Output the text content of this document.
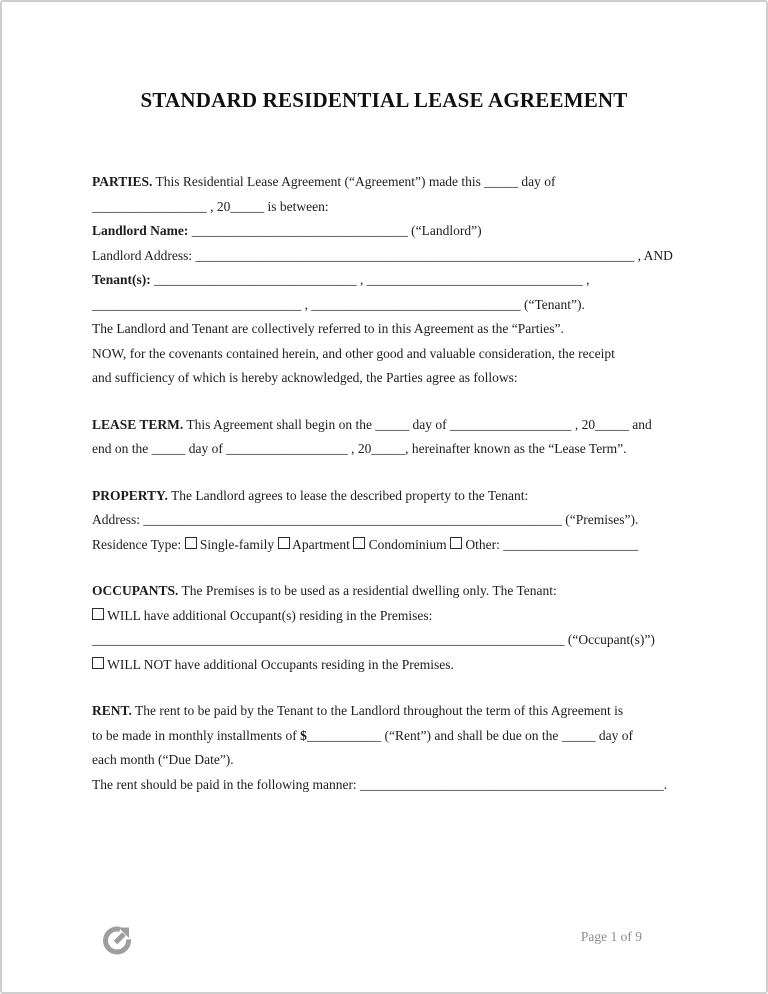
STANDARD RESIDENTIAL LEASE AGREEMENT
PARTIES. This Residential Lease Agreement (“Agreement”) made this _____ day of
_________________ , 20_____ is between:
Landlord Name: ________________________________ (“Landlord”)
Landlord Address: _________________________________________________________________ , AND
Tenant(s): ______________________________ , ________________________________ ,
_______________________________ , _______________________________ (“Tenant”).
The Landlord and Tenant are collectively referred to in this Agreement as the “Parties”.
NOW, for the covenants contained herein, and other good and valuable consideration, the receipt
and sufficiency of which is hereby acknowledged, the Parties agree as follows:
LEASE TERM. This Agreement shall begin on the _____ day of __________________ , 20_____ and
end on the _____ day of __________________ , 20_____, hereinafter known as the “Lease Term”.
PROPERTY. The Landlord agrees to lease the described property to the Tenant:
Address: ______________________________________________________________ (“Premises”).
Residence Type:  Single-family  Apartment  Condominium  Other: ____________________
OCCUPANTS. The Premises is to be used as a residential dwelling only. The Tenant:
WILL have additional Occupant(s) residing in the Premises:
______________________________________________________________________ (“Occupant(s)”)
WILL NOT have additional Occupants residing in the Premises.
RENT. The rent to be paid by the Tenant to the Landlord throughout the term of this Agreement is
to be made in monthly installments of $___________ (“Rent”) and shall be due on the _____ day of
each month (“Due Date”).
The rent should be paid in the following manner: _____________________________________________.
Page 1 of 9
